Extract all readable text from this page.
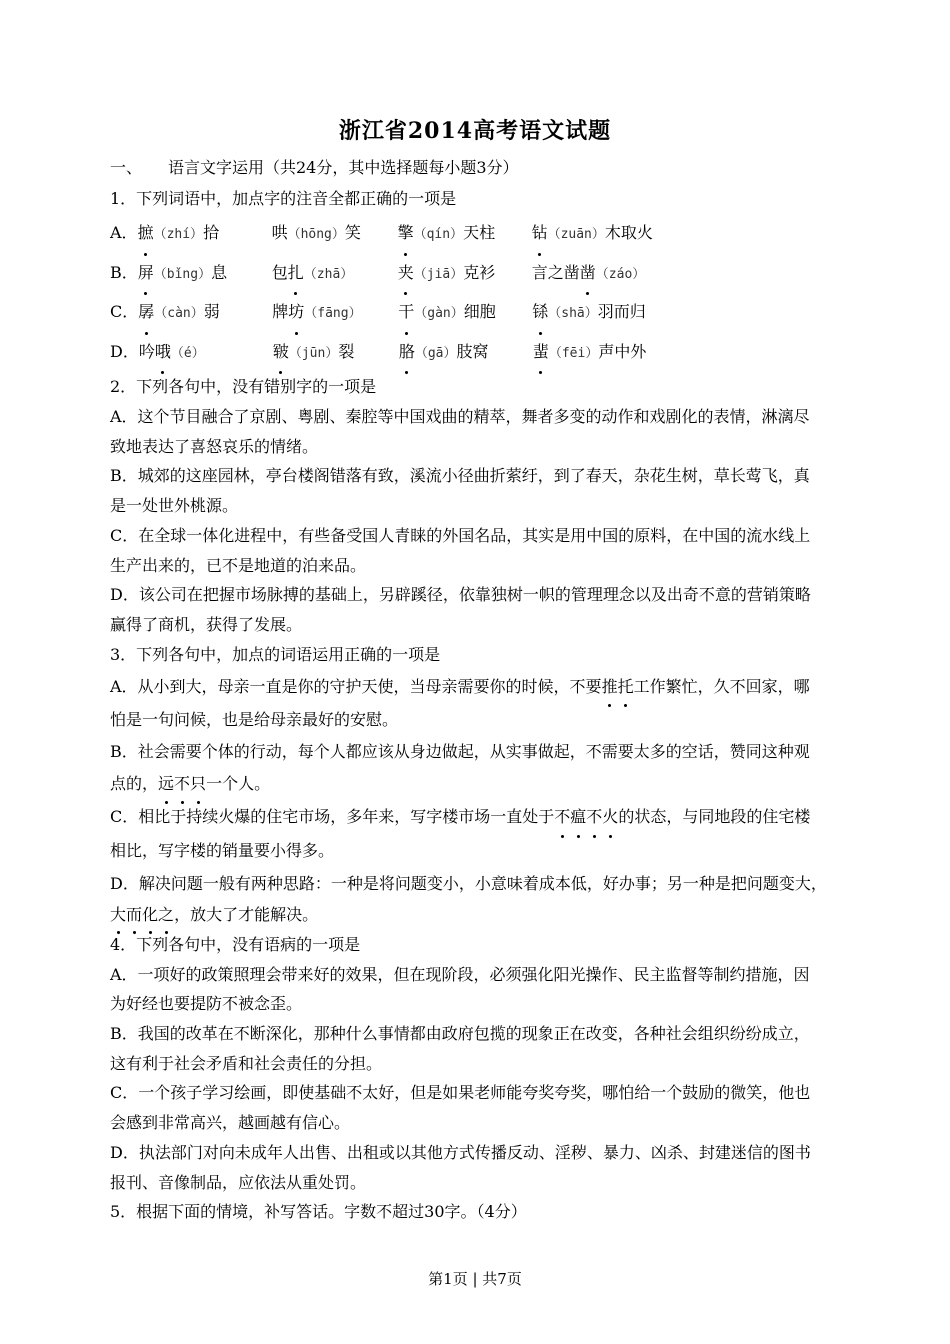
浙江省2014高考语文试题
一、 语言文字运用（共24分，其中选择题每小题3分）

1．下列词语中，加点字的注音全都正确的一项是

A．摭（zhí）拾	哄（hōng）笑 擎（qín）天柱 钻（zuān）木取火

B．屏（bǐng）息	包扎（zhā）	夹（jiā）克衫 言之凿凿（záo）

C．孱（càn）弱	牌坊（fāng） 干（gàn）细胞 铩（shā）羽而归

D．吟哦（é）	皲（jūn）裂	胳（gā）肢窝	蜚（fēi）声中外

2．下列各句中，没有错别字的一项是

A．这个节目融合了京剧、粤剧、秦腔等中国戏曲的精萃，舞者多变的动作和戏剧化的表情，淋漓尽
致地表达了喜怒哀乐的情绪。

B．城郊的这座园林，亭台楼阁错落有致，溪流小径曲折萦纡，到了春天，杂花生树，草长莺飞，真
是一处世外桃源。

C．在全球一体化进程中，有些备受国人青睐的外国名品，其实是用中国的原料，在中国的流水线上
生产出来的，已不是地道的泊来品。

D．该公司在把握市场脉搏的基础上，另辟蹊径，依靠独树一帜的管理理念以及出奇不意的营销策略
赢得了商机，获得了发展。

3．下列各句中，加点的词语运用正确的一项是

A．从小到大，母亲一直是你的守护天使，当母亲需要你的时候，不要推托工作繁忙，久不回家，哪
怕是一句问候，也是给母亲最好的安慰。

B．社会需要个体的行动，每个人都应该从身边做起，从实事做起，不需要太多的空话，赞同这种观
点的，远不只一个人。

C．相比于持续火爆的住宅市场，多年来，写字楼市场一直处于不瘟不火的状态，与同地段的住宅楼
相比，写字楼的销量要小得多。

D．解决问题一般有两种思路：一种是将问题变小，小意味着成本低，好办事；另一种是把问题变大，
大而化之，放大了才能解决。

4．下列各句中，没有语病的一项是

A．一项好的政策照理会带来好的效果，但在现阶段，必须强化阳光操作、民主监督等制约措施，因
为好经也要提防不被念歪。

B．我国的改革在不断深化，那种什么事情都由政府包揽的现象正在改变，各种社会组织纷纷成立，
这有利于社会矛盾和社会责任的分担。

C．一个孩子学习绘画，即使基础不太好，但是如果老师能夸奖夸奖，哪怕给一个鼓励的微笑，他也
会感到非常高兴，越画越有信心。

D．执法部门对向未成年人出售、出租或以其他方式传播反动、淫秽、暴力、凶杀、封建迷信的图书
报刊、音像制品，应依法从重处罚。

5．根据下面的情境，补写答话。字数不超过30字。（4分）

第1页 | 共7页
